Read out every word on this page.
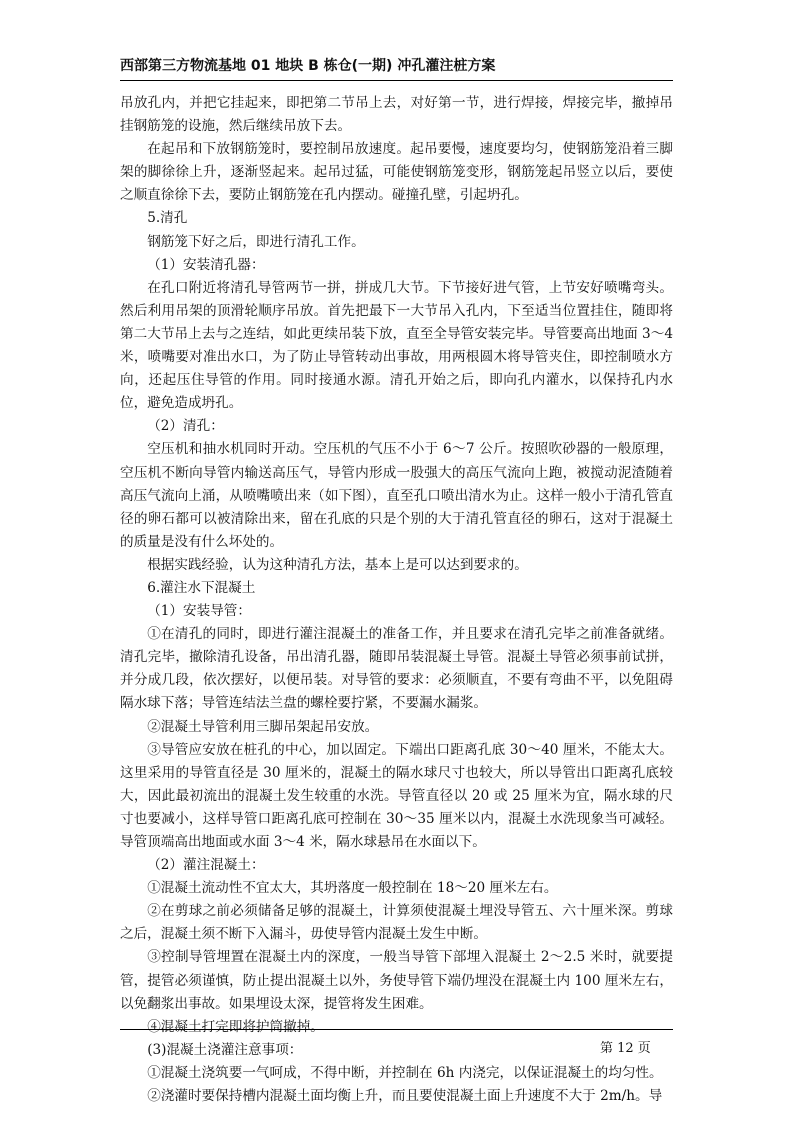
西部第三方物流基地 01 地块 B 栋仓(一期) 冲孔灌注桩方案

吊放孔内，并把它挂起来，即把第二节吊上去，对好第一节，进行焊接，焊接完毕，撤掉吊挂钢筋笼的设施，然后继续吊放下去。

在起吊和下放钢筋笼时，要控制吊放速度。起吊要慢，速度要均匀，使钢筋笼沿着三脚架的脚徐徐上升，逐渐竖起来。起吊过猛，可能使钢筋笼变形，钢筋笼起吊竖立以后，要使之顺直徐徐下去，要防止钢筋笼在孔内摆动。碰撞孔壁，引起坍孔。

5.清孔

钢筋笼下好之后，即进行清孔工作。

（1）安装清孔器：

在孔口附近将清孔导管两节一拼，拼成几大节。下节接好进气管，上节安好喷嘴弯头。然后利用吊架的顶滑轮顺序吊放。首先把最下一大节吊入孔内，下至适当位置挂住，随即将第二大节吊上去与之连结，如此更续吊装下放，直至全导管安装完毕。导管要高出地面 3～4 米，喷嘴要对准出水口，为了防止导管转动出事故，用两根圆木将导管夹住，即控制喷水方向，还起压住导管的作用。同时接通水源。清孔开始之后，即向孔内灌水，以保持孔内水位，避免造成坍孔。

（2）清孔：

空压机和抽水机同时开动。空压机的气压不小于 6～7 公斤。按照吹砂器的一般原理，空压机不断向导管内输送高压气，导管内形成一股强大的高压气流向上跑，被搅动泥渣随着高压气流向上涌，从喷嘴喷出来（如下图），直至孔口喷出清水为止。这样一般小于清孔管直径的卵石都可以被清除出来，留在孔底的只是个别的大于清孔管直径的卵石，这对于混凝土的质量是没有什么坏处的。

根据实践经验，认为这种清孔方法，基本上是可以达到要求的。

6.灌注水下混凝土

（1）安装导管：

①在清孔的同时，即进行灌注混凝土的准备工作，并且要求在清孔完毕之前准备就绪。清孔完毕，撤除清孔设备，吊出清孔器，随即吊装混凝土导管。混凝土导管必须事前试拼，并分成几段，依次摆好，以便吊装。对导管的要求：必须顺直，不要有弯曲不平，以免阻碍隔水球下落；导管连结法兰盘的螺栓要拧紧，不要漏水漏浆。

②混凝土导管利用三脚吊架起吊安放。

③导管应安放在桩孔的中心，加以固定。下端出口距离孔底 30～40 厘米，不能太大。这里采用的导管直径是 30 厘米的，混凝土的隔水球尺寸也较大，所以导管出口距离孔底较大，因此最初流出的混凝土发生较重的水洗。导管直径以 20 或 25 厘米为宜，隔水球的尺寸也要减小，这样导管口距离孔底可控制在 30～35 厘米以内，混凝土水洗现象当可减轻。导管顶端高出地面或水面 3～4 米，隔水球悬吊在水面以下。

（2）灌注混凝土：

①混凝土流动性不宜太大，其坍落度一般控制在 18～20 厘米左右。

②在剪球之前必须储备足够的混凝土，计算须使混凝土埋没导管五、六十厘米深。剪球之后，混凝土须不断下入漏斗，毋使导管内混凝土发生中断。

③控制导管埋置在混凝土内的深度，一般当导管下部埋入混凝土 2～2.5 米时，就要提管，提管必须谨慎，防止提出混凝土以外，务使导管下端仍埋没在混凝土内 100 厘米左右，以免翻浆出事故。如果埋设太深，提管将发生困难。

④混凝土打完即将护筒撤掉。

(3)混凝土浇灌注意事项：

①混凝土浇筑要一气呵成，不得中断，并控制在 6h 内浇完，以保证混凝土的均匀性。

②浇灌时要保持槽内混凝土面均衡上升，而且要使混凝土面上升速度不大于 2m/h。导

第 12 页
